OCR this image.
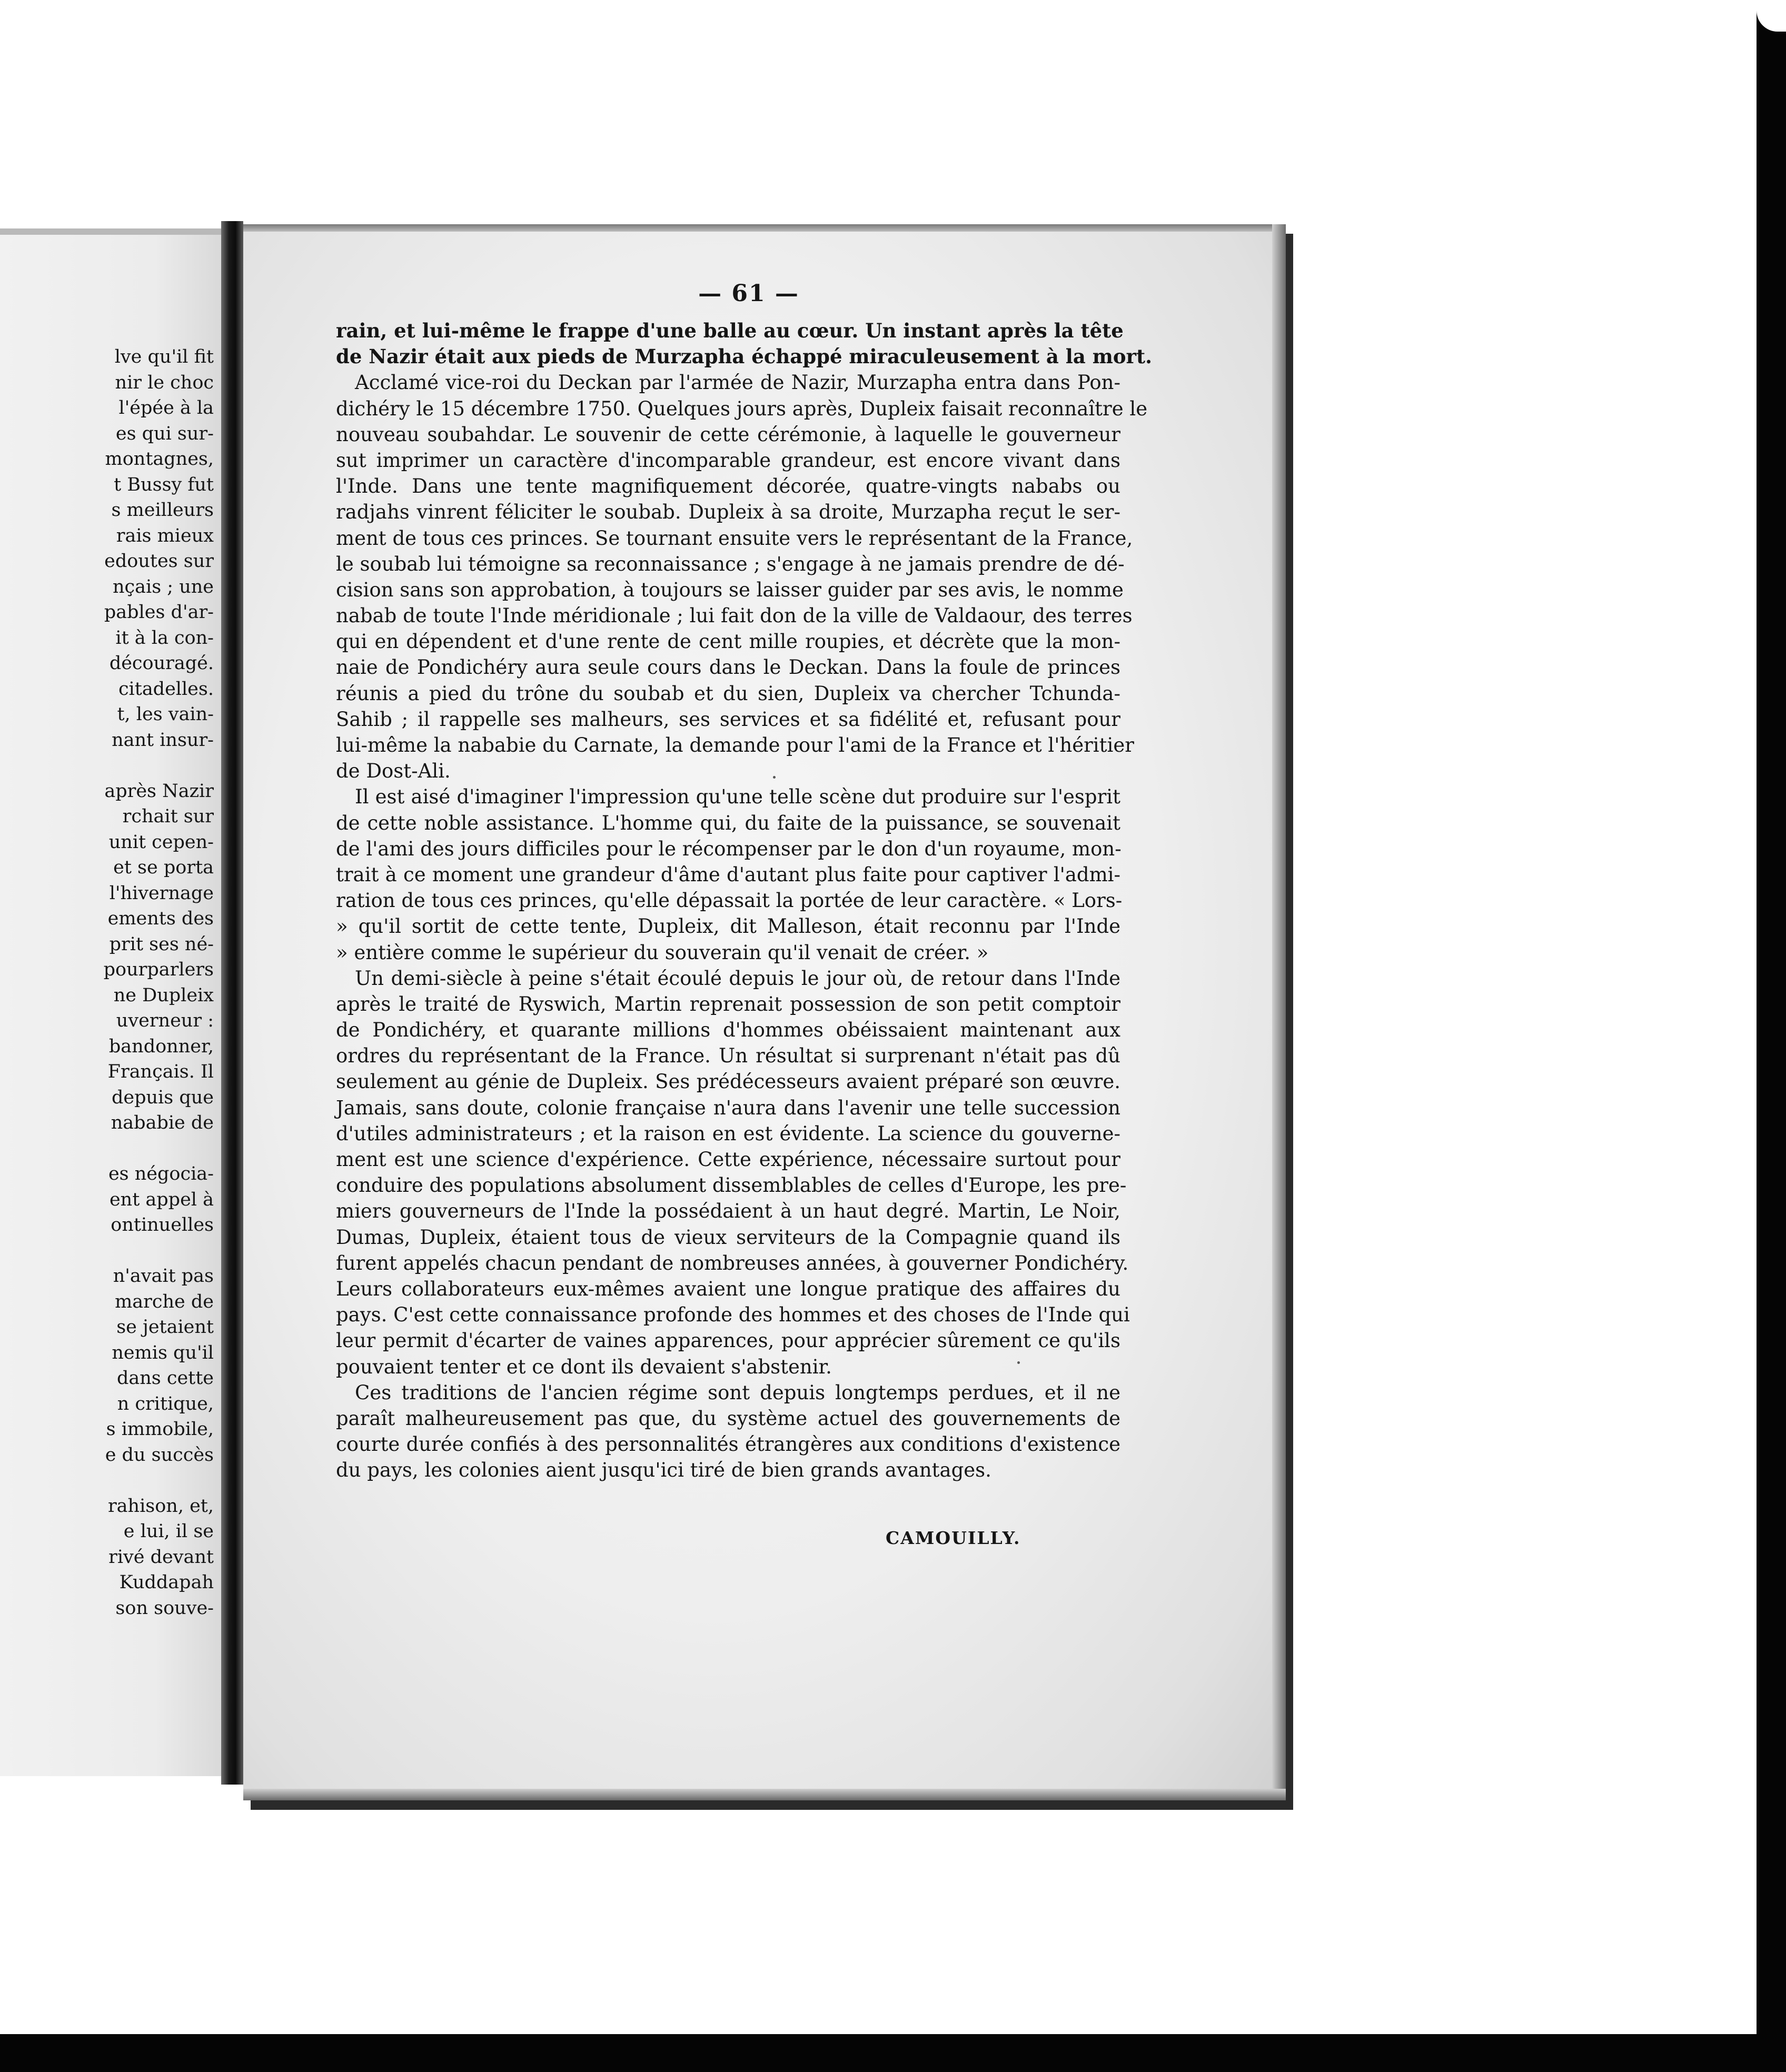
lve qu'il fit
nir le choc
l'épée à la
es qui sur-
montagnes,
t Bussy fut
s meilleurs
rais mieux
edoutes sur
nçais ; une
pables d'ar-
it à la con-
découragé.
citadelles.
t, les vain-
nant insur-
après Nazir
rchait sur
unit cepen-
et se porta
l'hivernage
ements des
prit ses né-
pourparlers
ne Dupleix
uverneur :
bandonner,
Français. Il
depuis que
nababie de
es négocia-
ent appel à
ontinuelles
n'avait pas
marche de
se jetaient
nemis qu'il
dans cette
n critique,
s immobile,
e du succès
rahison, et,
e lui, il se
rivé devant
Kuddapah
son souve-
— 61 —
rain, et lui-même le frappe d'une balle au cœur. Un instant après la tête
de Nazir était aux pieds de Murzapha échappé miraculeusement à la mort.
Acclamé vice-roi du Deckan par l'armée de Nazir, Murzapha entra dans Pon-
dichéry le 15 décembre 1750. Quelques jours après, Dupleix faisait reconnaître le
nouveau soubahdar. Le souvenir de cette cérémonie, à laquelle le gouverneur
sut imprimer un caractère d'incomparable grandeur, est encore vivant dans
l'Inde. Dans une tente magnifiquement décorée, quatre-vingts nababs ou
radjahs vinrent féliciter le soubab. Dupleix à sa droite, Murzapha reçut le ser-
ment de tous ces princes. Se tournant ensuite vers le représentant de la France,
le soubab lui témoigne sa reconnaissance ; s'engage à ne jamais prendre de dé-
cision sans son approbation, à toujours se laisser guider par ses avis, le nomme
nabab de toute l'Inde méridionale ; lui fait don de la ville de Valdaour, des terres
qui en dépendent et d'une rente de cent mille roupies, et décrète que la mon-
naie de Pondichéry aura seule cours dans le Deckan. Dans la foule de princes
réunis a pied du trône du soubab et du sien, Dupleix va chercher Tchunda-
Sahib ; il rappelle ses malheurs, ses services et sa fidélité et, refusant pour
lui-même la nababie du Carnate, la demande pour l'ami de la France et l'héritier
de Dost-Ali.
Il est aisé d'imaginer l'impression qu'une telle scène dut produire sur l'esprit
de cette noble assistance. L'homme qui, du faite de la puissance, se souvenait
de l'ami des jours difficiles pour le récompenser par le don d'un royaume, mon-
trait à ce moment une grandeur d'âme d'autant plus faite pour captiver l'admi-
ration de tous ces princes, qu'elle dépassait la portée de leur caractère. « Lors-
» qu'il sortit de cette tente, Dupleix, dit Malleson, était reconnu par l'Inde
» entière comme le supérieur du souverain qu'il venait de créer. »
Un demi-siècle à peine s'était écoulé depuis le jour où, de retour dans l'Inde
après le traité de Ryswich, Martin reprenait possession de son petit comptoir
de Pondichéry, et quarante millions d'hommes obéissaient maintenant aux
ordres du représentant de la France. Un résultat si surprenant n'était pas dû
seulement au génie de Dupleix. Ses prédécesseurs avaient préparé son œuvre.
Jamais, sans doute, colonie française n'aura dans l'avenir une telle succession
d'utiles administrateurs ; et la raison en est évidente. La science du gouverne-
ment est une science d'expérience. Cette expérience, nécessaire surtout pour
conduire des populations absolument dissemblables de celles d'Europe, les pre-
miers gouverneurs de l'Inde la possédaient à un haut degré. Martin, Le Noir,
Dumas, Dupleix, étaient tous de vieux serviteurs de la Compagnie quand ils
furent appelés chacun pendant de nombreuses années, à gouverner Pondichéry.
Leurs collaborateurs eux-mêmes avaient une longue pratique des affaires du
pays. C'est cette connaissance profonde des hommes et des choses de l'Inde qui
leur permit d'écarter de vaines apparences, pour apprécier sûrement ce qu'ils
pouvaient tenter et ce dont ils devaient s'abstenir.
Ces traditions de l'ancien régime sont depuis longtemps perdues, et il ne
paraît malheureusement pas que, du système actuel des gouvernements de
courte durée confiés à des personnalités étrangères aux conditions d'existence
du pays, les colonies aient jusqu'ici tiré de bien grands avantages.
CAMOUILLY.
